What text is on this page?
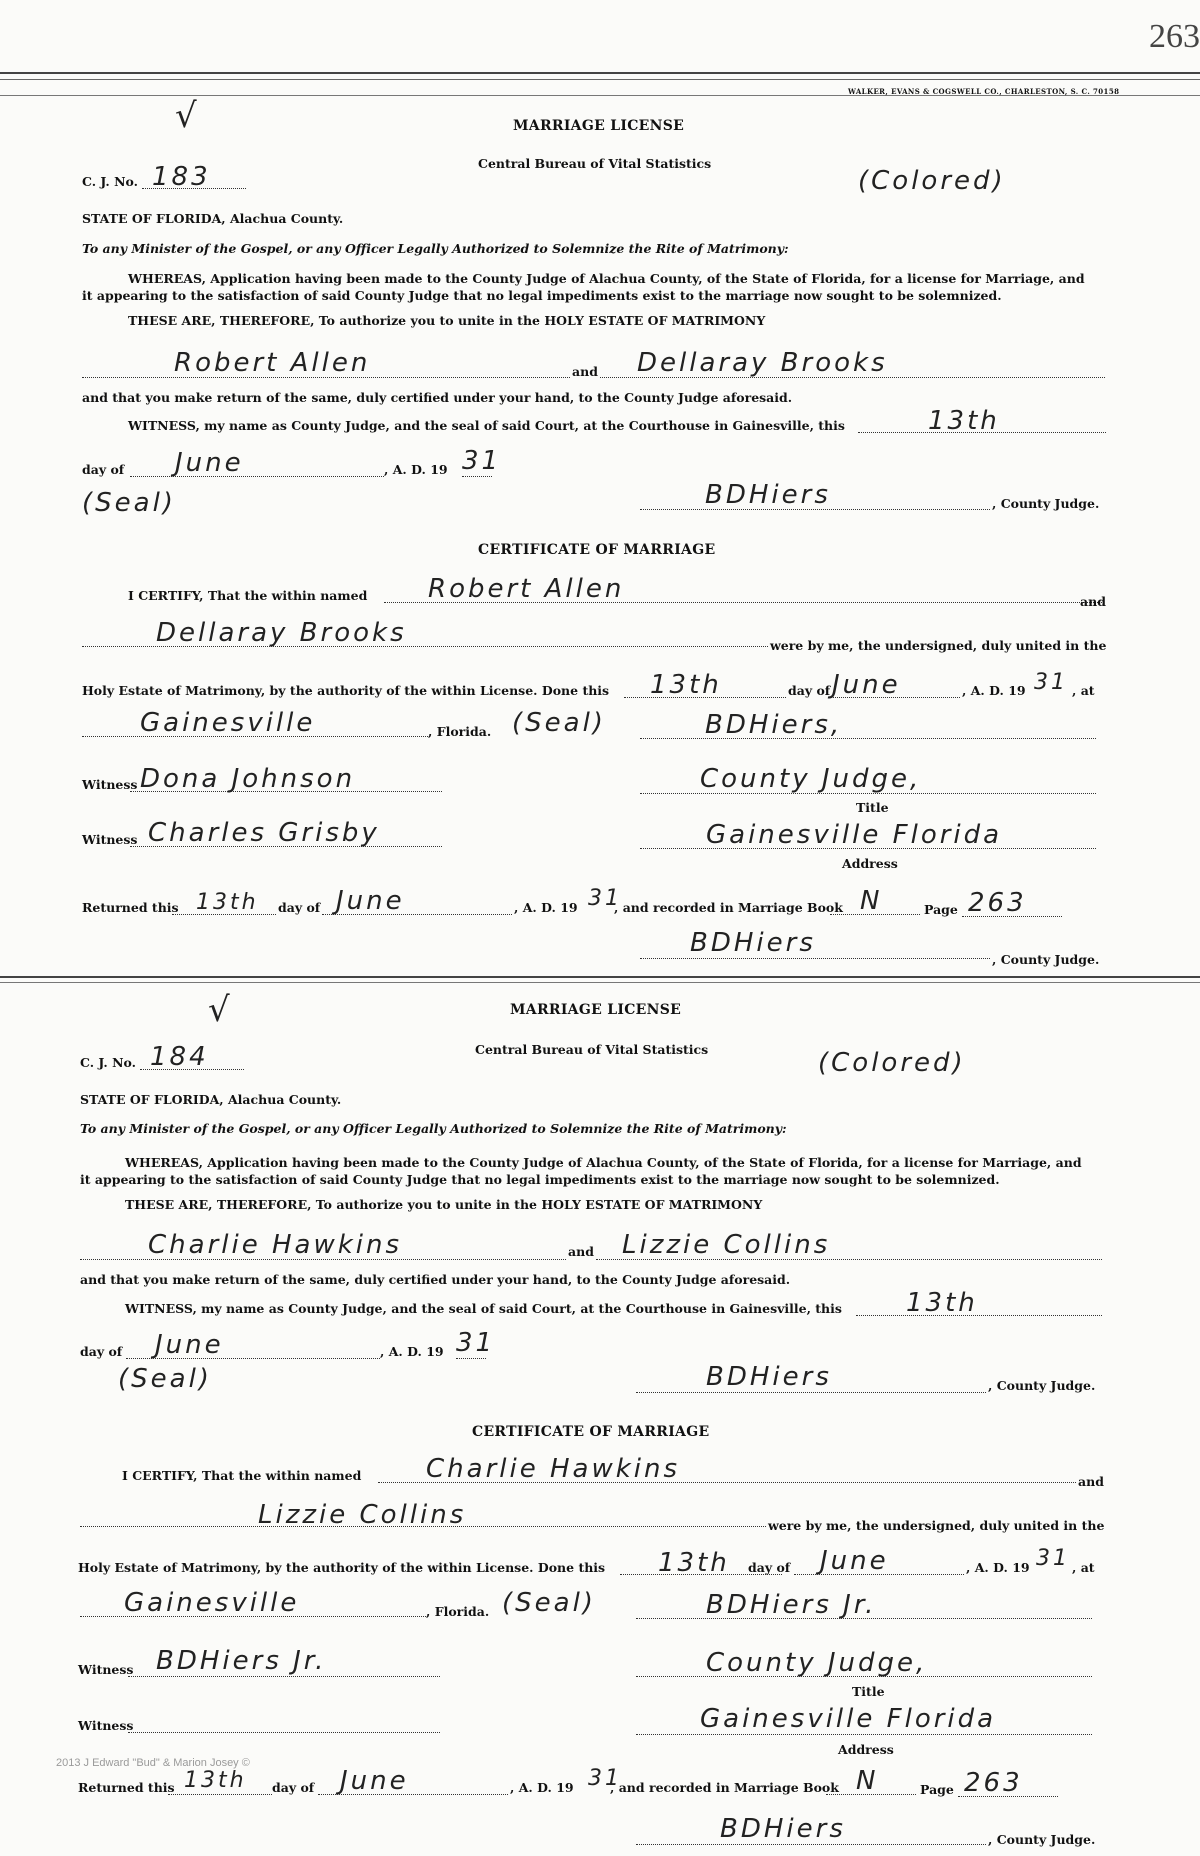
263
WALKER, EVANS & COGSWELL CO., CHARLESTON, S. C. 70158
√	MARRIAGE LICENSE
Central Bureau of Vital Statistics
(Colored)
C. J. No. 183
STATE OF FLORIDA, Alachua County.
To any Minister of the Gospel, or any Officer Legally Authorized to Solemnize the Rite of Matrimony:
WHEREAS, Application having been made to the County Judge of Alachua County, of the State of Florida, for a license for Marriage, and
it appearing to the satisfaction of said County Judge that no legal impediments exist to the marriage now sought to be solemnized.
THESE ARE, THEREFORE, To authorize you to unite in the HOLY ESTATE OF MATRIMONY
Robert Allen	and Dellaray Brooks
and that you make return of the same, duly certified under your hand, to the County Judge aforesaid.
WITNESS, my name as County Judge, and the seal of said Court, at the Courthouse in Gainesville, this	13th
day of June	, A. D. 19 31
(Seal)	BDHiers	, County Judge.
CERTIFICATE OF MARRIAGE
I CERTIFY, That the within named Robert Allen	and
Dellaray Brooks	were by me, the undersigned, duly united in the
Holy Estate of Matrimony, by the authority of the within License. Done this 13th	day of June	, A. D. 19 31 , at
Gainesville	, Florida. (Seal)	BDHiers,
Witness Dona Johnson	County Judge,
Title
Witness Charles Grisby	Gainesville Florida
Address
Returned this 13th day of June	, A. D. 19 31
, and recorded in Marriage Book N	Page 263
BDHiers
, County Judge.
√	MARRIAGE LICENSE
Central Bureau of Vital Statistics	(Colored)
C. J. No. 184
STATE OF FLORIDA, Alachua County.
To any Minister of the Gospel, or any Officer Legally Authorized to Solemnize the Rite of Matrimony:
WHEREAS, Application having been made to the County Judge of Alachua County, of the State of Florida, for a license for Marriage, and
it appearing to the satisfaction of said County Judge that no legal impediments exist to the marriage now sought to be solemnized.
THESE ARE, THEREFORE, To authorize you to unite in the HOLY ESTATE OF MATRIMONY
Charlie Hawkins	and Lizzie Collins
and that you make return of the same, duly certified under your hand, to the County Judge aforesaid.
WITNESS, my name as County Judge, and the seal of said Court, at the Courthouse in Gainesville, this 13th
day of June	, A. D. 19 31
(Seal)	BDHiers	, County Judge.
CERTIFICATE OF MARRIAGE
I CERTIFY, That the within named Charlie Hawkins	and
Lizzie Collins	were by me, the undersigned, duly united in the
Holy Estate of Matrimony, by the authority of the within License. Done this 13th day of June	, A. D. 19 31 , at
Gainesville	, Florida. (Seal)	BDHiers Jr.
Witness BDHiers Jr.	County Judge,
Title
Witness	Gainesville Florida
Address
2013 J Edward "Bud" & Marion Josey ©
Returned this 13th day of June	, A. D. 19 31
, and recorded in Marriage Book N	Page 263
BDHiers	, County Judge.
